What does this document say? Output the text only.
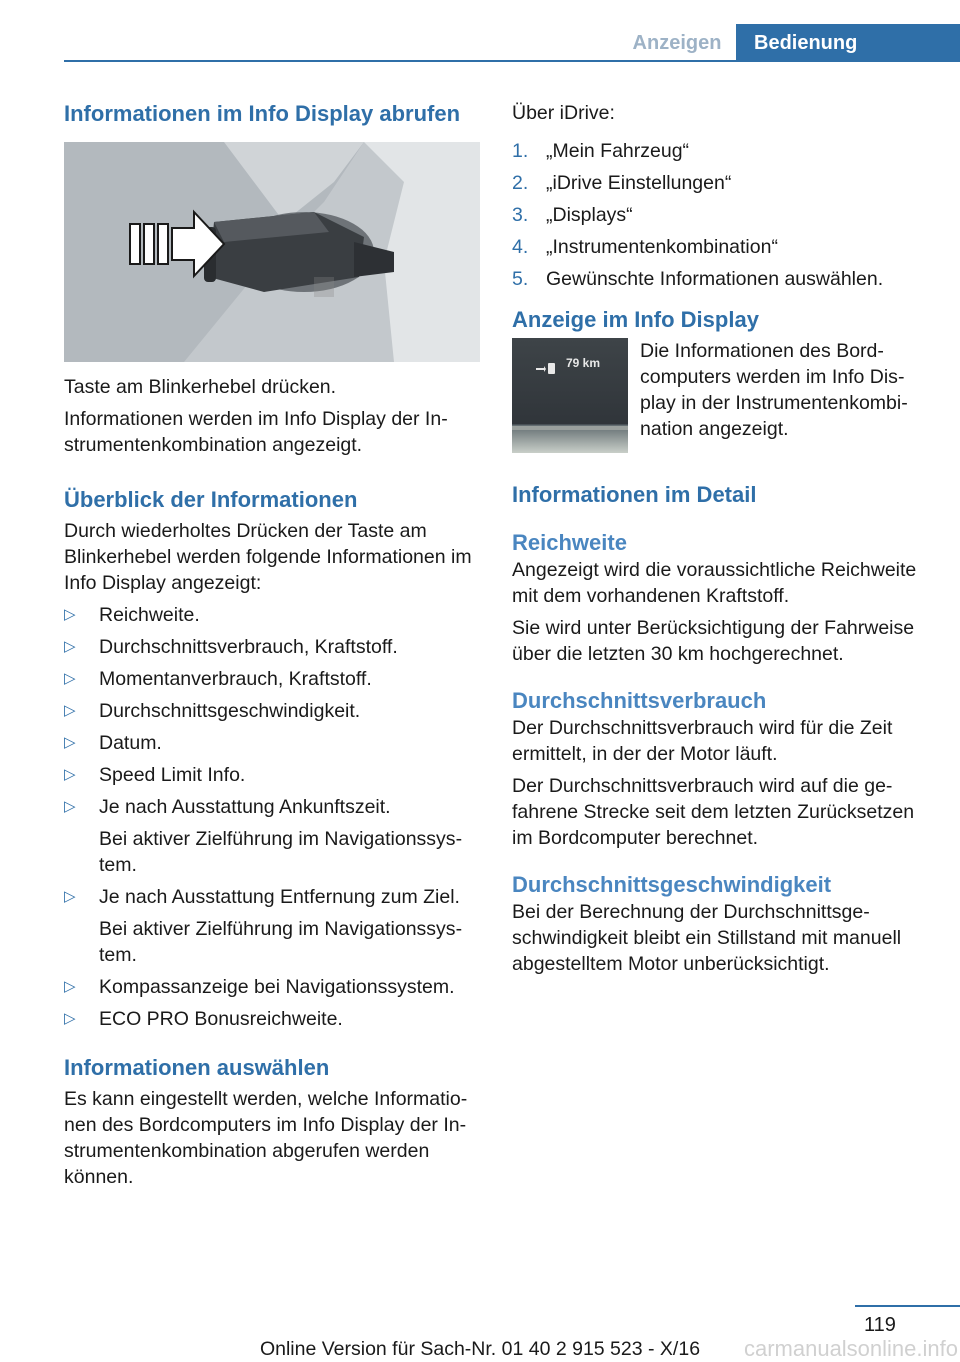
Anzeigen	Bedienung
Informationen im Info Display abrufen

Taste am Blinkerhebel drücken.

Informationen werden im Info Display der Instrumentenkombination angezeigt.

Überblick der Informationen

Durch wiederholtes Drücken der Taste am Blinkerhebel werden folgende Informationen im Info Display angezeigt:

▷ Reichweite.
▷ Durchschnittsverbrauch, Kraftstoff.
▷ Momentanverbrauch, Kraftstoff.
▷ Durchschnittsgeschwindigkeit.
▷ Datum.
▷ Speed Limit Info.
▷ Je nach Ausstattung Ankunftszeit.
Bei aktiver Zielführung im Navigationssystem.
▷ Je nach Ausstattung Entfernung zum Ziel.
Bei aktiver Zielführung im Navigationssystem.
▷ Kompassanzeige bei Navigationssystem.
▷ ECO PRO Bonusreichweite.
Informationen auswählen

Es kann eingestellt werden, welche Informationen des Bordcomputers im Info Display der Instrumentenkombination abgerufen werden können.

Über iDrive:

1. „Mein Fahrzeug“
2. „iDrive Einstellungen“
3. „Displays“
4. „Instrumentenkombination“
5. Gewünschte Informationen auswählen.
Anzeige im Info Display
79 km

Die Informationen des Bordcomputers werden im Info Display in der Instrumentenkombination angezeigt.

Informationen im Detail
Reichweite

Angezeigt wird die voraussichtliche Reichweite mit dem vorhandenen Kraftstoff.

Sie wird unter Berücksichtigung der Fahrweise über die letzten 30 km hochgerechnet.

Durchschnittsverbrauch

Der Durchschnittsverbrauch wird für die Zeit ermittelt, in der der Motor läuft.

Der Durchschnittsverbrauch wird auf die gefahrene Strecke seit dem letzten Zurücksetzen im Bordcomputer berechnet.

Durchschnittsgeschwindigkeit

Bei der Berechnung der Durchschnittsgeschwindigkeit bleibt ein Stillstand mit manuell abgestelltem Motor unberücksichtigt.

119
Online Version für Sach-Nr. 01 40 2 915 523 - X/16	carmanualsonline.info
